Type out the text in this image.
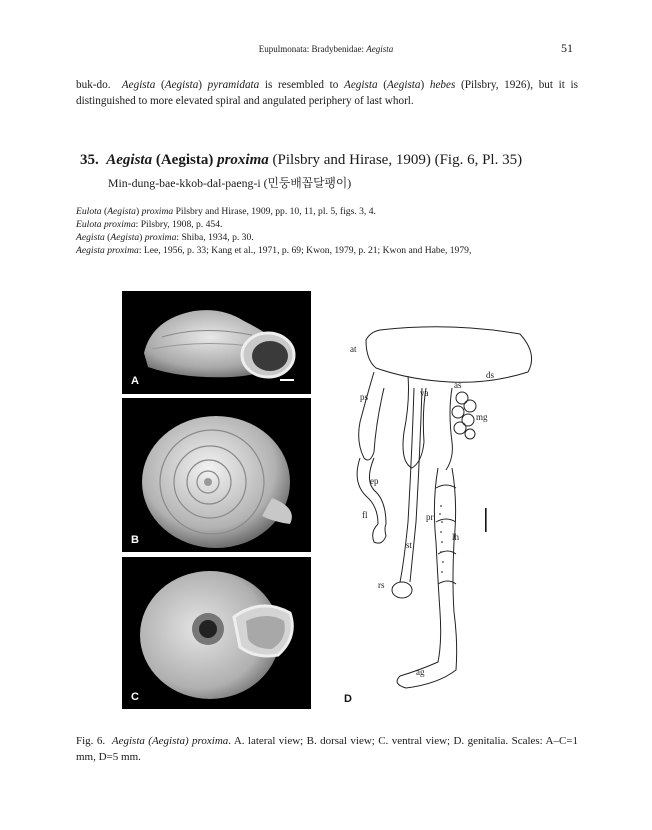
Eupulmonata: Bradybenidae: Aegista	51
buk-do. Aegista (Aegista) pyramidata is resembled to Aegista (Aegista) hebes (Pilsbry, 1926), but it is distinguished to more elevated spiral and angulated periphery of last whorl.
35. Aegista (Aegista) proxima (Pilsbry and Hirase, 1909) (Fig. 6, Pl. 35)
Min-dung-bae-kkob-dal-paeng-i (민둥배꼽달팽이)
Eulota (Aegista) proxima Pilsbry and Hirase, 1909, pp. 10, 11, pl. 5, figs. 3, 4.
Eulota proxima: Pilsbry, 1908, p. 454.
Aegista (Aegista) proxima: Shiba, 1934, p. 30.
Aegista proxima: Lee, 1956, p. 33; Kang et al., 1971, p. 69; Kwon, 1979, p. 21; Kwon and Habe, 1979,
A
B
C
at
ds
as
ps	va
mg
ep
fl	pr
lh
st
rs
ag
D
Fig. 6. Aegista (Aegista) proxima. A. lateral view; B. dorsal view; C. ventral view; D. genitalia. Scales: A–C=1 mm, D=5 mm.
